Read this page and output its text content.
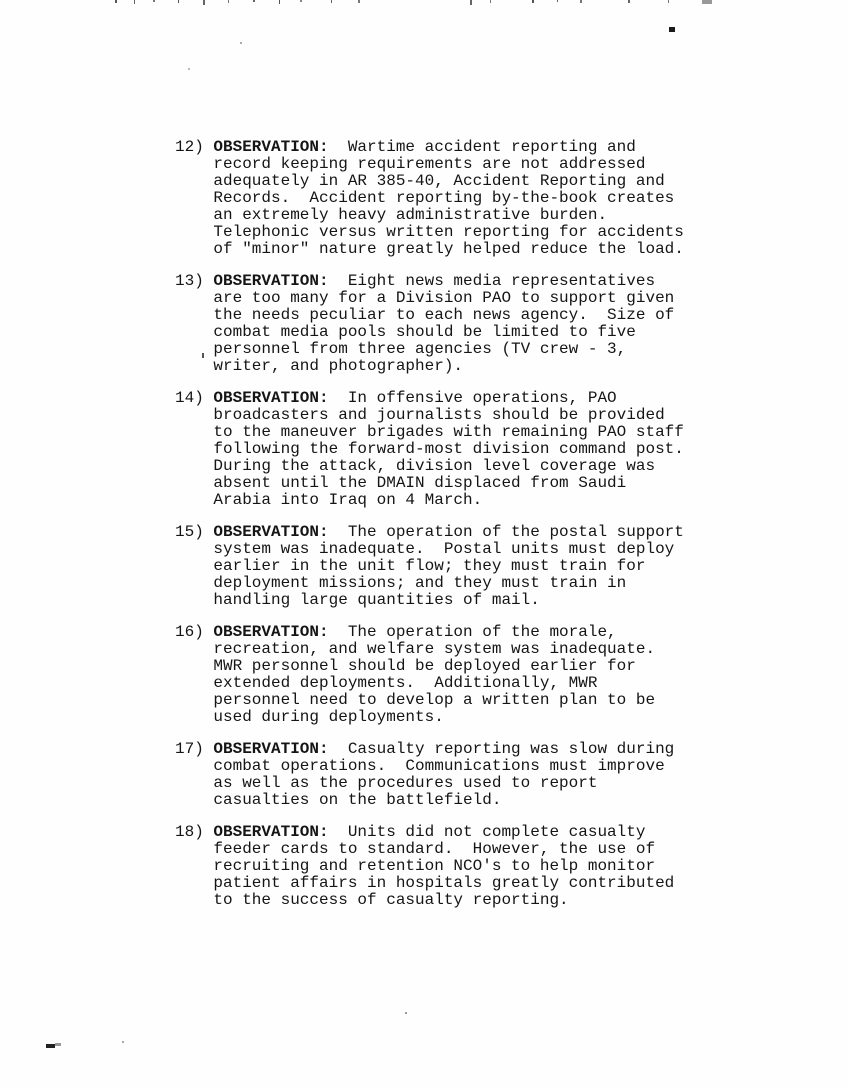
12) OBSERVATION:  Wartime accident reporting and
record keeping requirements are not addressed
adequately in AR 385-40, Accident Reporting and
Records.  Accident reporting by-the-book creates
an extremely heavy administrative burden.
Telephonic versus written reporting for accidents
of "minor" nature greatly helped reduce the load.
13) OBSERVATION:  Eight news media representatives
are too many for a Division PAO to support given
the needs peculiar to each news agency.  Size of
combat media pools should be limited to five
personnel from three agencies (TV crew - 3,
writer, and photographer).
14) OBSERVATION:  In offensive operations, PAO
broadcasters and journalists should be provided
to the maneuver brigades with remaining PAO staff
following the forward-most division command post.
During the attack, division level coverage was
absent until the DMAIN displaced from Saudi
Arabia into Iraq on 4 March.
15) OBSERVATION:  The operation of the postal support
system was inadequate.  Postal units must deploy
earlier in the unit flow; they must train for
deployment missions; and they must train in
handling large quantities of mail.
16) OBSERVATION:  The operation of the morale,
recreation, and welfare system was inadequate.
MWR personnel should be deployed earlier for
extended deployments.  Additionally, MWR
personnel need to develop a written plan to be
used during deployments.
17) OBSERVATION:  Casualty reporting was slow during
combat operations.  Communications must improve
as well as the procedures used to report
casualties on the battlefield.
18) OBSERVATION:  Units did not complete casualty
feeder cards to standard.  However, the use of
recruiting and retention NCO's to help monitor
patient affairs in hospitals greatly contributed
to the success of casualty reporting.
